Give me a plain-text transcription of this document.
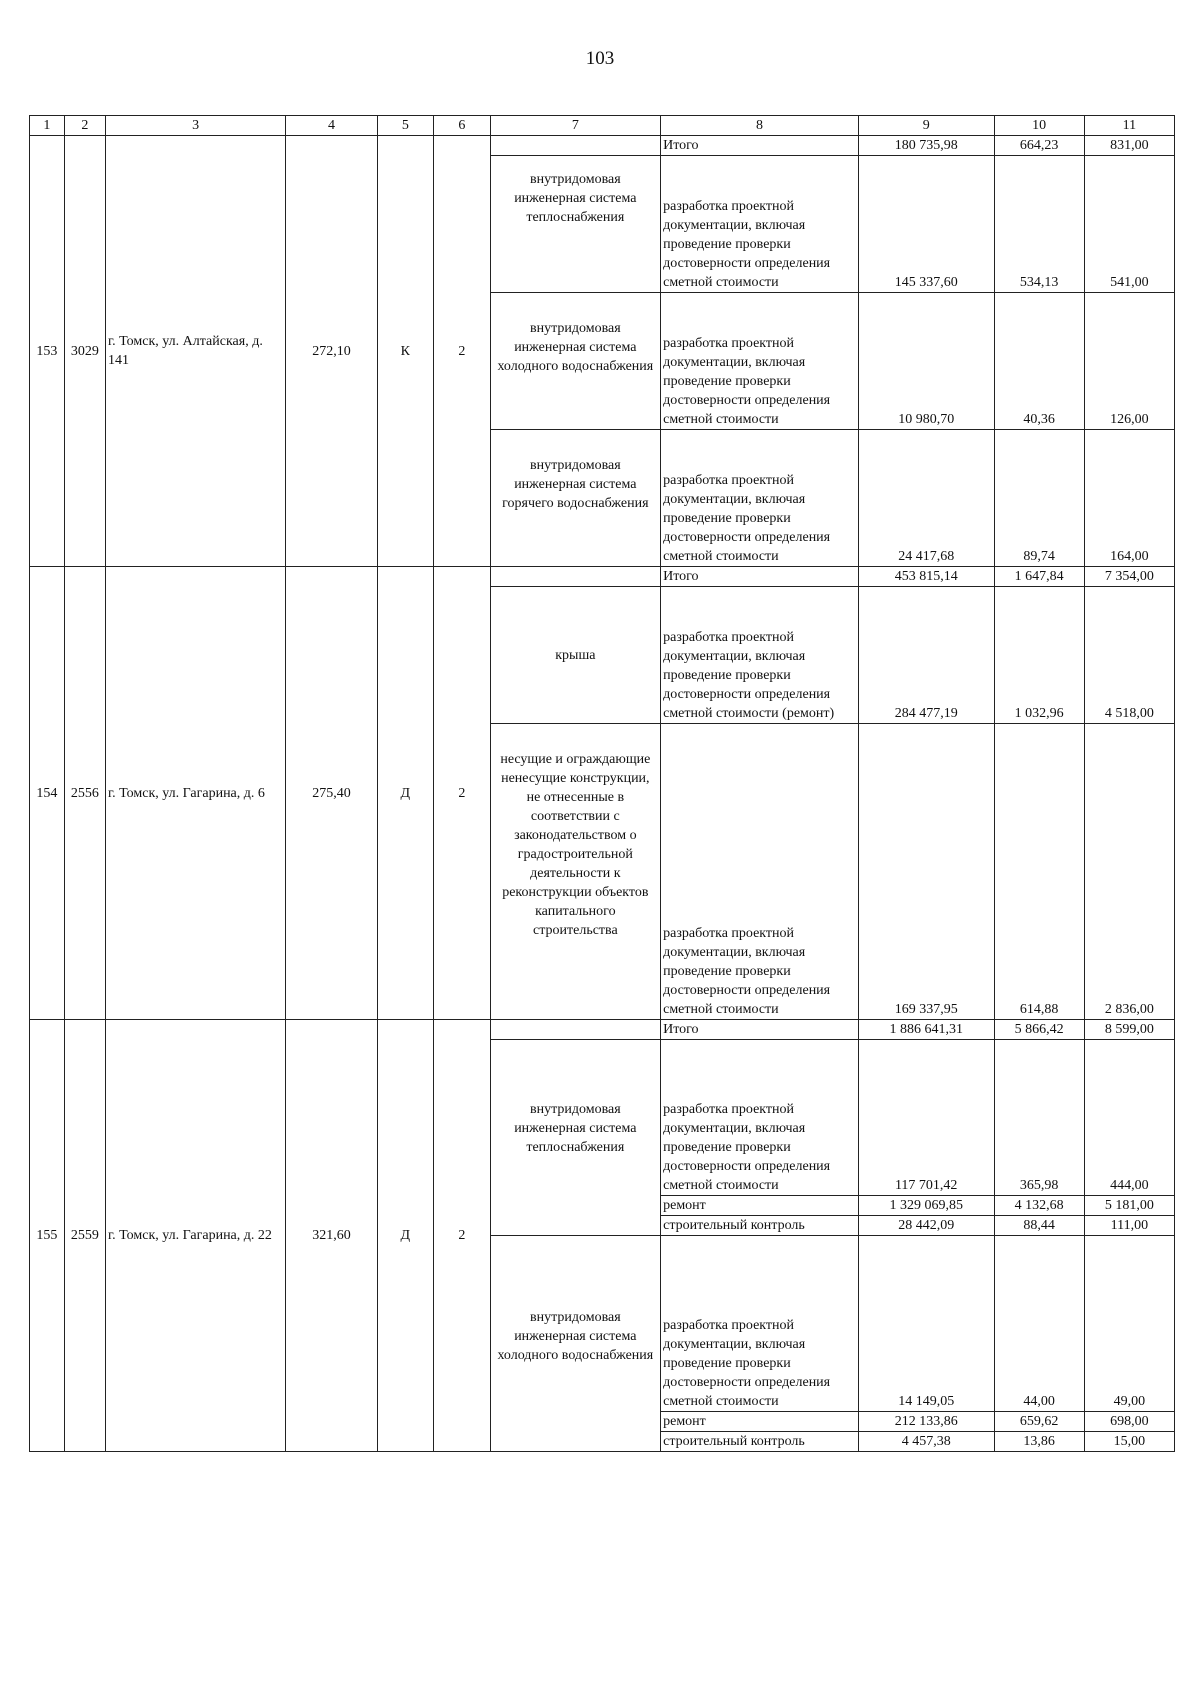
103
1	2	3	4	5	6	7	8	9	10	11
153	3029	г. Томск, ул. Алтайская, д. 141	272,10	К	2		Итого	180 735,98	664,23	831,00
						внутридомовая инженерная система теплоснабжения	разработка проектной документации, включая проведение проверки достоверности определения сметной стоимости	145 337,60	534,13	541,00
						внутридомовая инженерная система холодного водоснабжения	разработка проектной документации, включая проведение проверки достоверности определения сметной стоимости	10 980,70	40,36	126,00
						внутридомовая инженерная система горячего водоснабжения	разработка проектной документации, включая проведение проверки достоверности определения сметной стоимости	24 417,68	89,74	164,00
154	2556	г. Томск, ул. Гагарина, д. 6	275,40	Д	2		Итого	453 815,14	1 647,84	7 354,00
						крыша	разработка проектной документации, включая проведение проверки достоверности определения сметной стоимости (ремонт)	284 477,19	1 032,96	4 518,00
						несущие и ограждающие ненесущие конструкции, не отнесенные в соответствии с законодательством о градостроительной деятельности к реконструкции объектов капитального строительства	разработка проектной документации, включая проведение проверки достоверности определения сметной стоимости	169 337,95	614,88	2 836,00
155	2559	г. Томск, ул. Гагарина, д. 22	321,60	Д	2		Итого	1 886 641,31	5 866,42	8 599,00
						внутридомовая инженерная система теплоснабжения	разработка проектной документации, включая проведение проверки достоверности определения сметной стоимости	117 701,42	365,98	444,00
							ремонт	1 329 069,85	4 132,68	5 181,00
							строительный контроль	28 442,09	88,44	111,00
						внутридомовая инженерная система холодного водоснабжения	разработка проектной документации, включая проведение проверки достоверности определения сметной стоимости	14 149,05	44,00	49,00
							ремонт	212 133,86	659,62	698,00
							строительный контроль	4 457,38	13,86	15,00
